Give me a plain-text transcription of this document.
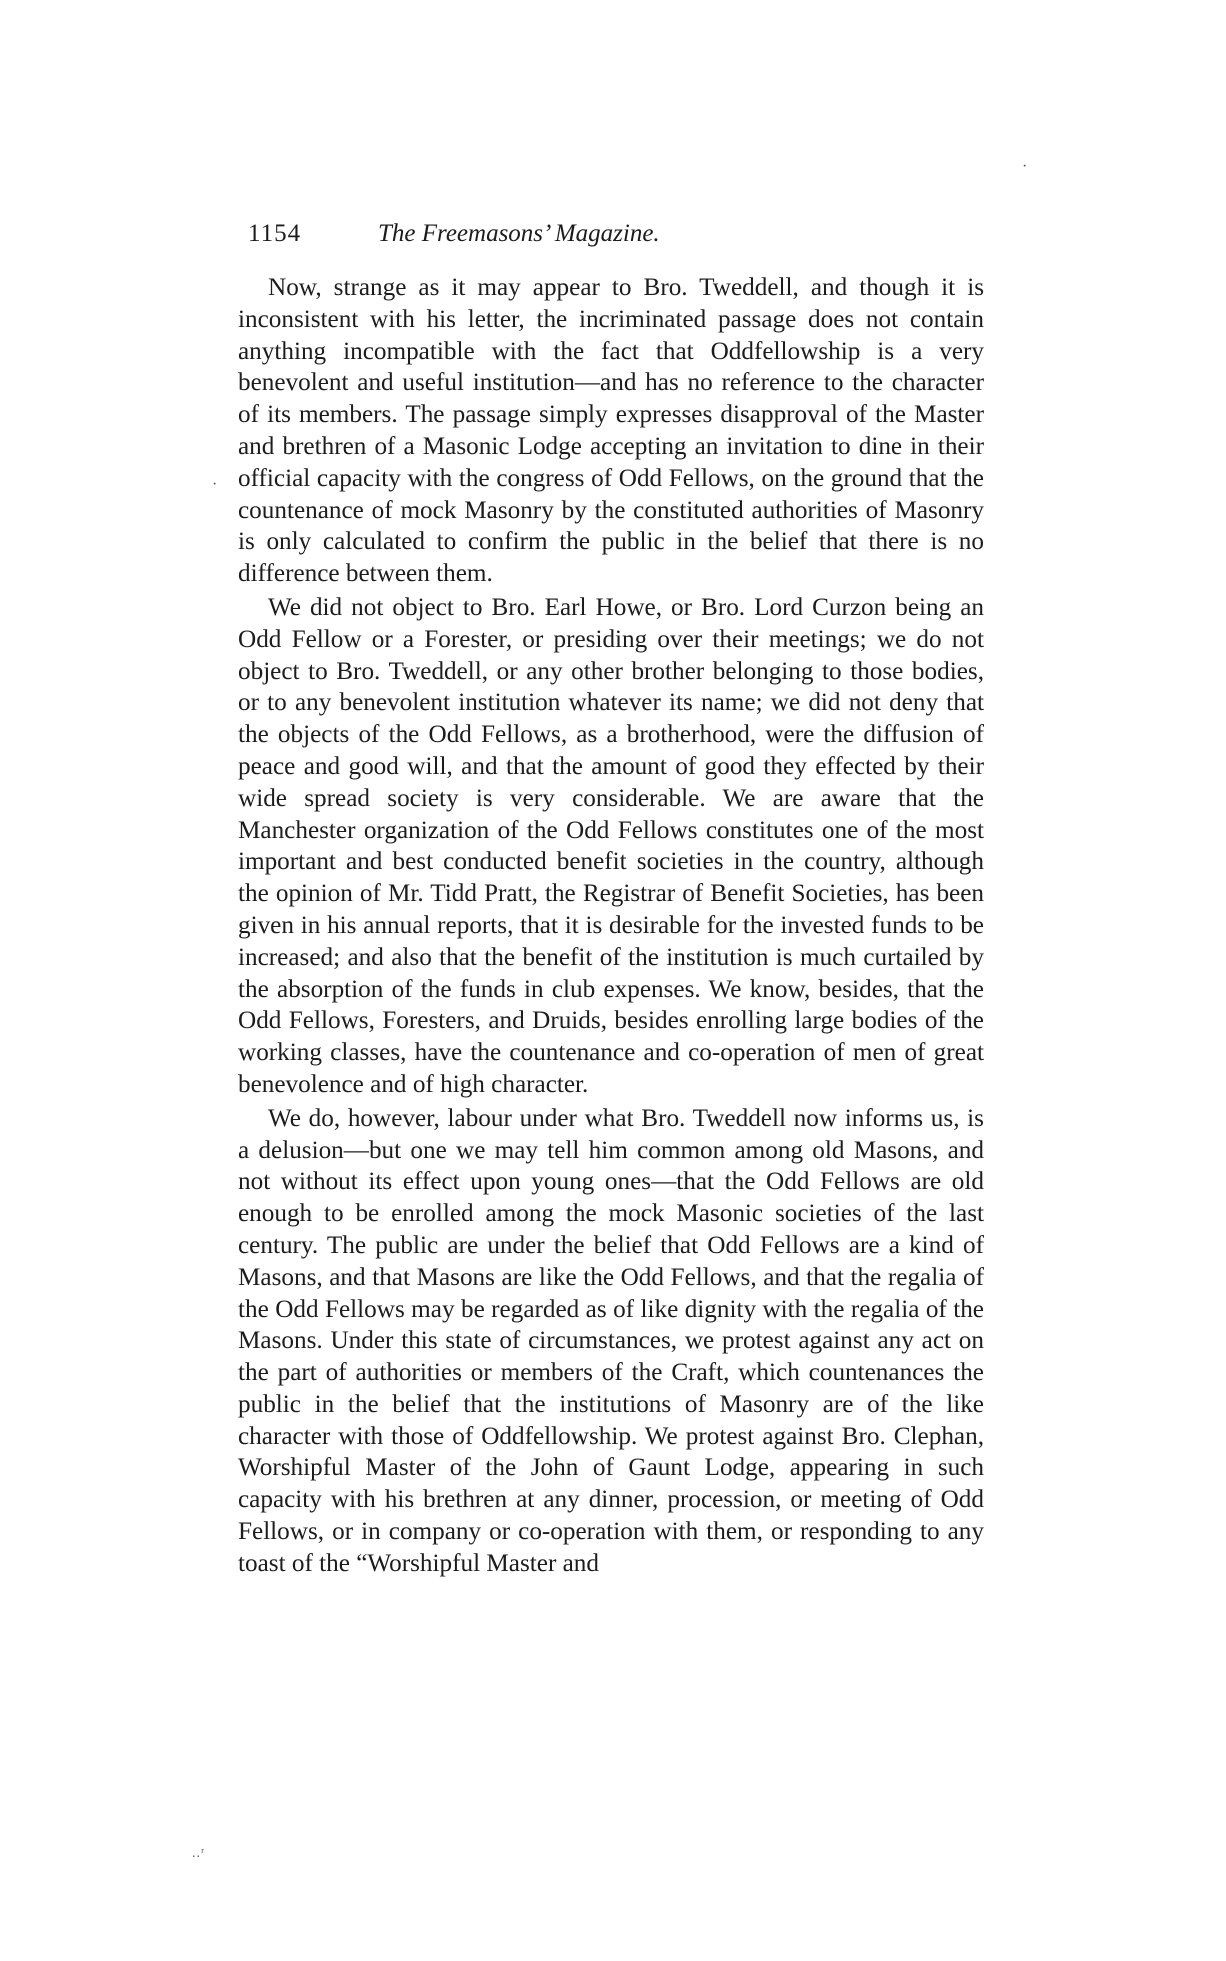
·
1154	The Freemasons’ Magazine.
·

Now, strange as it may appear to Bro. Tweddell, and though it is inconsistent with his letter, the incriminated passage does not contain anything incompatible with the fact that Oddfellowship is a very benevolent and useful institution—and has no reference to the character of its members. The passage simply expresses disapproval of the Master and brethren of a Masonic Lodge accepting an invitation to dine in their official capacity with the congress of Odd Fellows, on the ground that the countenance of mock Masonry by the constituted authorities of Masonry is only calculated to confirm the public in the belief that there is no difference between them.

We did not object to Bro. Earl Howe, or Bro. Lord Curzon being an Odd Fellow or a Forester, or presiding over their meetings; we do not object to Bro. Tweddell, or any other brother belonging to those bodies, or to any benevolent institution whatever its name; we did not deny that the objects of the Odd Fellows, as a brotherhood, were the diffusion of peace and good will, and that the amount of good they effected by their wide spread society is very considerable. We are aware that the Manchester organization of the Odd Fellows constitutes one of the most important and best conducted benefit societies in the country, although the opinion of Mr. Tidd Pratt, the Registrar of Benefit Societies, has been given in his annual reports, that it is desirable for the invested funds to be increased; and also that the benefit of the institution is much curtailed by the absorption of the funds in club expenses. We know, besides, that the Odd Fellows, Foresters, and Druids, besides enrolling large bodies of the working classes, have the countenance and co-operation of men of great benevolence and of high character.

We do, however, labour under what Bro. Tweddell now informs us, is a delusion—but one we may tell him common among old Masons, and not without its effect upon young ones—that the Odd Fellows are old enough to be enrolled among the mock Masonic societies of the last century. The public are under the belief that Odd Fellows are a kind of Masons, and that Masons are like the Odd Fellows, and that the regalia of the Odd Fellows may be regarded as of like dignity with the regalia of the Masons. Under this state of circumstances, we protest against any act on the part of authorities or members of the Craft, which countenances the public in the belief that the institutions of Masonry are of the like character with those of Oddfellowship. We protest against Bro. Clephan, Worshipful Master of the John of Gaunt Lodge, appearing in such capacity with his brethren at any dinner, procession, or meeting of Odd Fellows, or in company or co-operation with them, or responding to any toast of the “Worshipful Master and

..ʳ
